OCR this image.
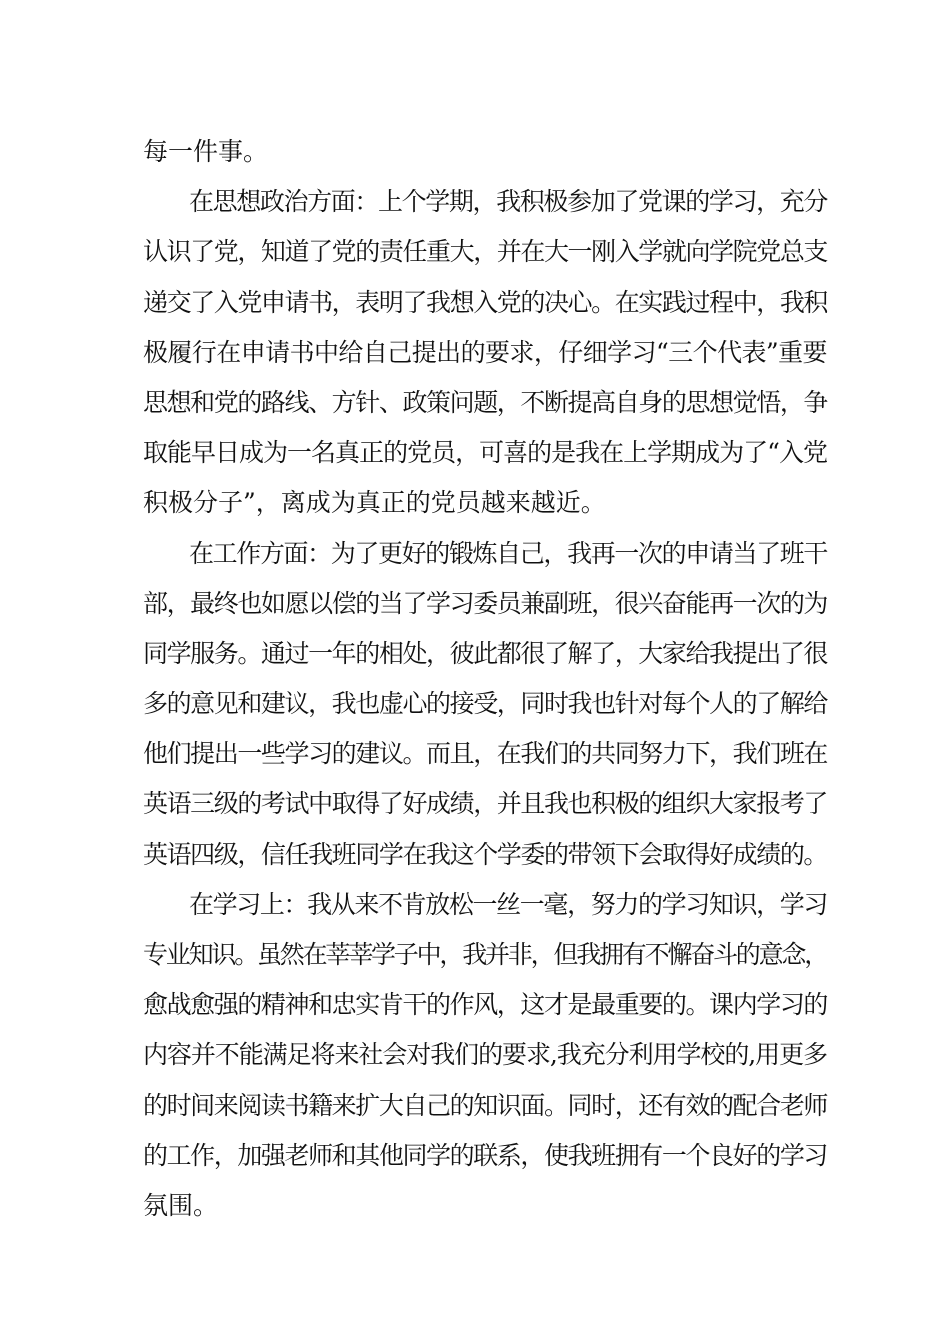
每一件事。
在思想政治方面：上个学期，我积极参加了党课的学习，充分
认识了党，知道了党的责任重大，并在大一刚入学就向学院党总支
递交了入党申请书，表明了我想入党的决心。在实践过程中，我积
极履行在申请书中给自己提出的要求，仔细学习“三个代表”重要
思想和党的路线、方针、政策问题，不断提高自身的思想觉悟，争
取能早日成为一名真正的党员，可喜的是我在上学期成为了“入党
积极分子”，离成为真正的党员越来越近。
在工作方面：为了更好的锻炼自己，我再一次的申请当了班干
部，最终也如愿以偿的当了学习委员兼副班，很兴奋能再一次的为
同学服务。通过一年的相处，彼此都很了解了，大家给我提出了很
多的意见和建议，我也虚心的接受，同时我也针对每个人的了解给
他们提出一些学习的建议。而且，在我们的共同努力下，我们班在
英语三级的考试中取得了好成绩，并且我也积极的组织大家报考了
英语四级，信任我班同学在我这个学委的带领下会取得好成绩的。
在学习上：我从来不肯放松一丝一毫，努力的学习知识，学习
专业知识。虽然在莘莘学子中，我并非，但我拥有不懈奋斗的意念，
愈战愈强的精神和忠实肯干的作风，这才是最重要的。课内学习的
内容并不能满足将来社会对我们的要求,我充分利用学校的,用更多
的时间来阅读书籍来扩大自己的知识面。同时，还有效的配合老师
的工作，加强老师和其他同学的联系，使我班拥有一个良好的学习
氛围。
